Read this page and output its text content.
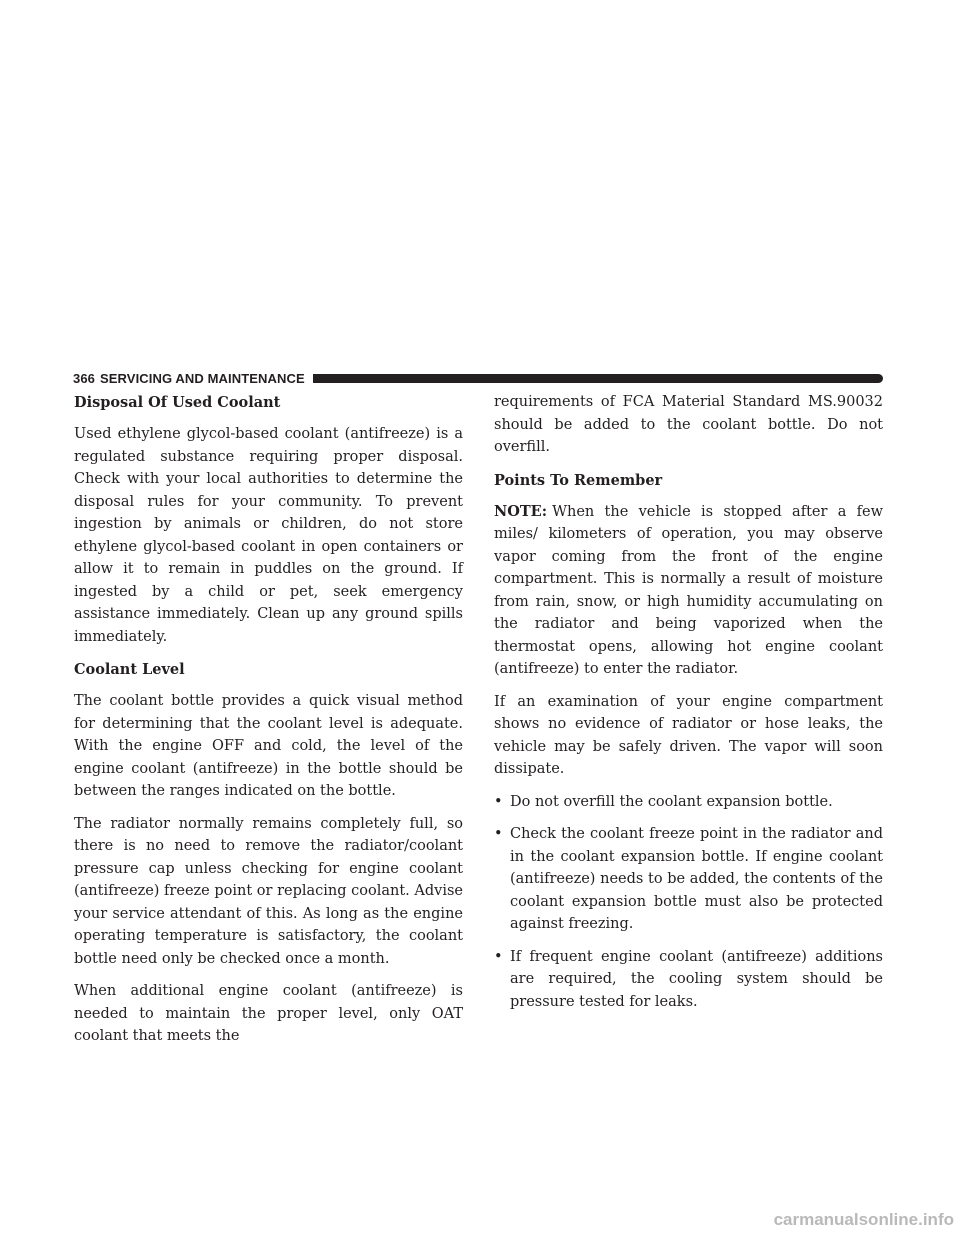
366 SERVICING AND MAINTENANCE
Disposal Of Used Coolant

Used ethylene glycol-based coolant (antifreeze) is a regulated substance requiring proper disposal. Check with your local authorities to determine the disposal rules for your community. To prevent ingestion by animals or children, do not store ethylene glycol-based coolant in open containers or allow it to remain in puddles on the ground. If ingested by a child or pet, seek emergency assistance immediately. Clean up any ground spills immediately.

Coolant Level

The coolant bottle provides a quick visual method for determining that the coolant level is adequate. With the engine OFF and cold, the level of the engine coolant (antifreeze) in the bottle should be between the ranges indicated on the bottle.

The radiator normally remains completely full, so there is no need to remove the radiator/coolant pressure cap unless checking for engine coolant (antifreeze) freeze point or replacing coolant. Advise your service attendant of this. As long as the engine operating temperature is satisfactory, the coolant bottle need only be checked once a month.

When additional engine coolant (antifreeze) is needed to maintain the proper level, only OAT coolant that meets the

requirements of FCA Material Standard MS.90032 should be added to the coolant bottle. Do not overfill.

Points To Remember

NOTE: When the vehicle is stopped after a few miles/ kilometers of operation, you may observe vapor coming from the front of the engine compartment. This is normally a result of moisture from rain, snow, or high humidity accumulating on the radiator and being vaporized when the thermostat opens, allowing hot engine coolant (antifreeze) to enter the radiator.

If an examination of your engine compartment shows no evidence of radiator or hose leaks, the vehicle may be safely driven. The vapor will soon dissipate.

• Do not overfill the coolant expansion bottle.
• Check the coolant freeze point in the radiator and in the coolant expansion bottle. If engine coolant (antifreeze) needs to be added, the contents of the coolant expansion bottle must also be protected against freezing.
• If frequent engine coolant (antifreeze) additions are required, the cooling system should be pressure tested for leaks.
carmanualsonline.info
